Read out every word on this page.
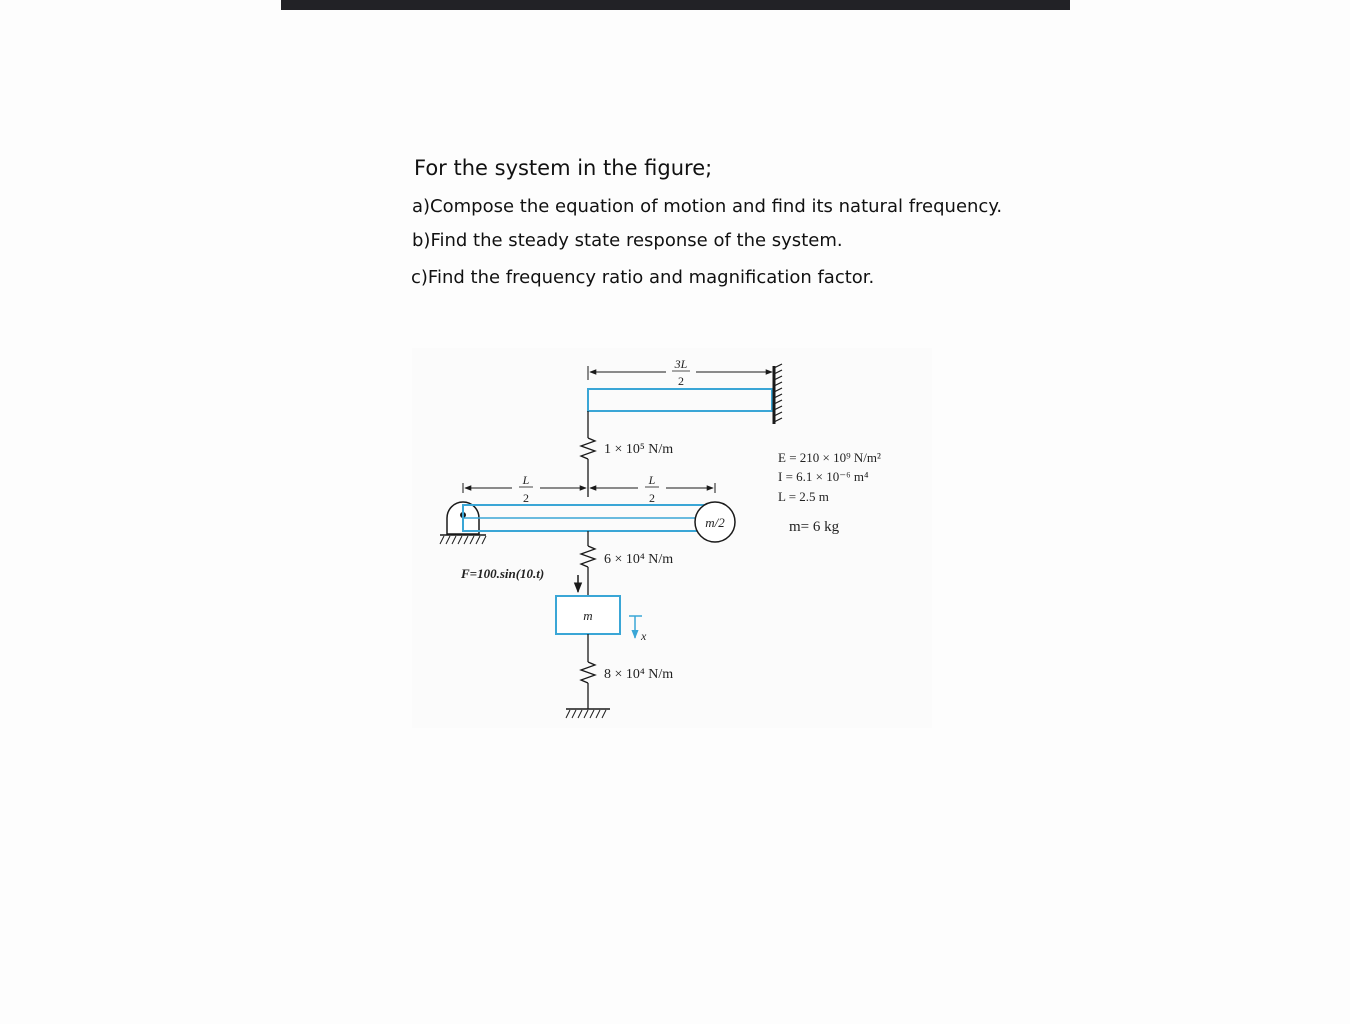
For the system in the figure;
a)Compose the equation of motion and find its natural frequency.
b)Find the steady state response of the system.
c)Find the frequency ratio and magnification factor.
3L
2
1 × 10⁵ N/m
L
2
L
2
m/2
6 × 10⁴ N/m
F=100.sin(10.t)
m
x
8 × 10⁴ N/m
E = 210 × 10⁹ N/m²
I = 6.1 × 10⁻⁶ m⁴
L = 2.5 m
m= 6 kg
